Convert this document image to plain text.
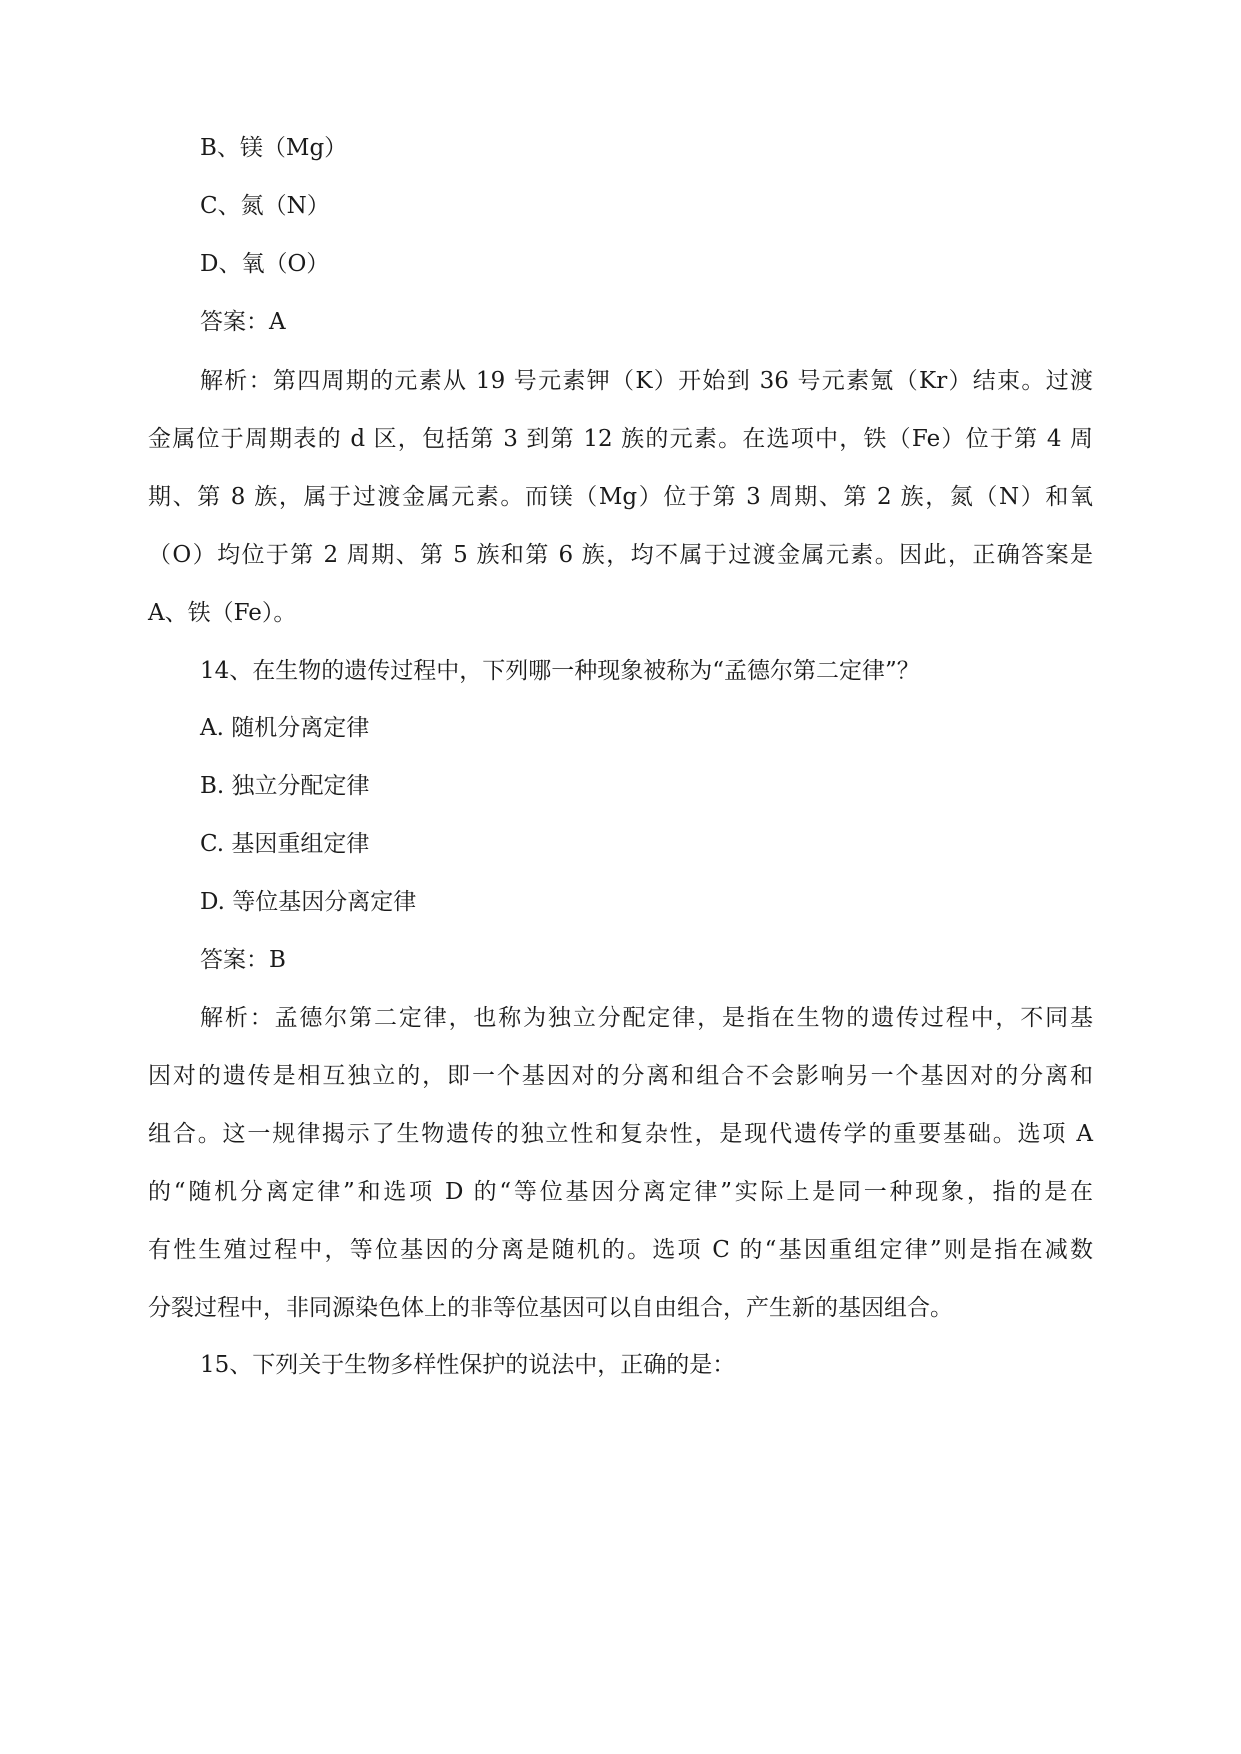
B、镁（Mg）
C、氮（N）
D、氧（O）
答案：A
解析：第四周期的元素从 19 号元素钾（K）开始到 36 号元素氪（Kr）结束。过渡
金属位于周期表的 d 区，包括第 3 到第 12 族的元素。在选项中，铁（Fe）位于第 4 周
期、第 8 族，属于过渡金属元素。而镁（Mg）位于第 3 周期、第 2 族，氮（N）和氧
（O）均位于第 2 周期、第 5 族和第 6 族，均不属于过渡金属元素。因此，正确答案是
A、铁（Fe）。
14、在生物的遗传过程中，下列哪一种现象被称为“孟德尔第二定律”？
A. 随机分离定律
B. 独立分配定律
C. 基因重组定律
D. 等位基因分离定律
答案：B
解析：孟德尔第二定律，也称为独立分配定律，是指在生物的遗传过程中，不同基
因对的遗传是相互独立的，即一个基因对的分离和组合不会影响另一个基因对的分离和
组合。这一规律揭示了生物遗传的独立性和复杂性，是现代遗传学的重要基础。选项 A
的“随机分离定律”和选项 D 的“等位基因分离定律”实际上是同一种现象，指的是在
有性生殖过程中，等位基因的分离是随机的。选项 C 的“基因重组定律”则是指在减数
分裂过程中，非同源染色体上的非等位基因可以自由组合，产生新的基因组合。
15、下列关于生物多样性保护的说法中，正确的是：
